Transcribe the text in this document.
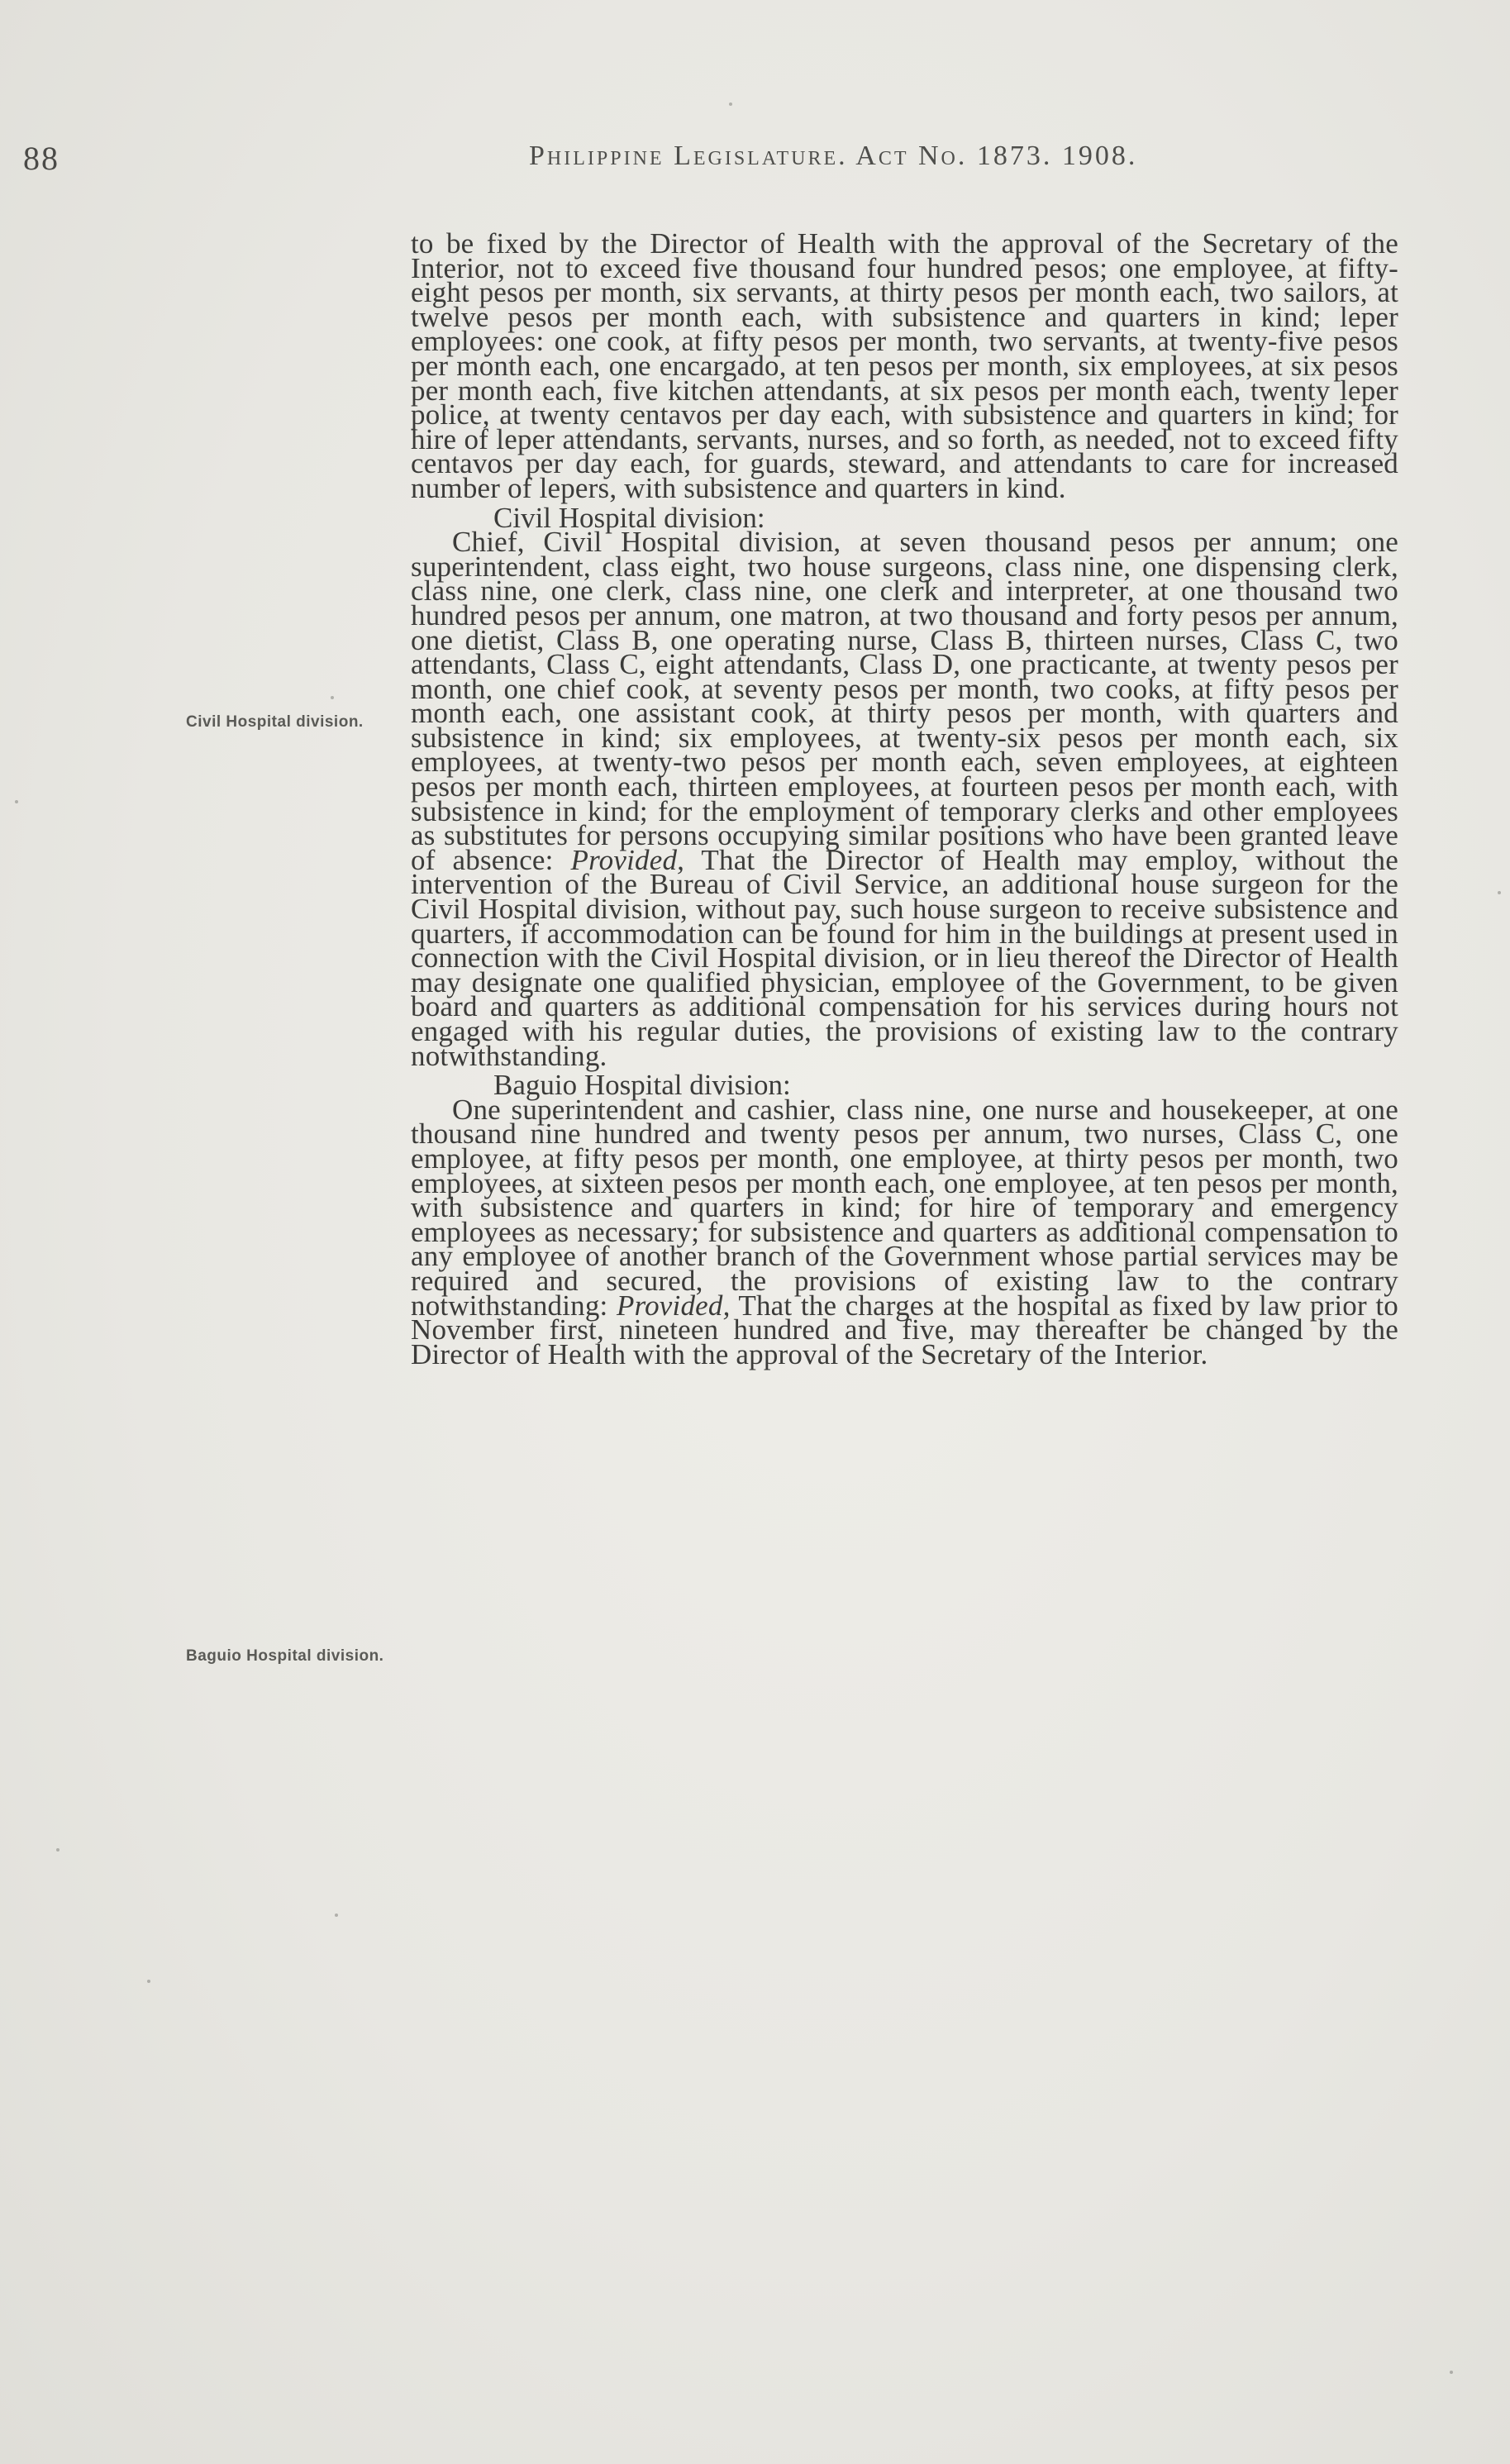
88	Philippine Legislature. Act No. 1873. 1908.
Civil Hospital division.
Baguio Hospital division.

to be fixed by the Director of Health with the approval of the Secretary of the Interior, not to exceed five thousand four hundred pesos; one employee, at fifty-eight pesos per month, six servants, at thirty pesos per month each, two sailors, at twelve pesos per month each, with subsistence and quarters in kind; leper employees: one cook, at fifty pesos per month, two servants, at twenty-five pesos per month each, one encargado, at ten pesos per month, six employees, at six pesos per month each, five kitchen attendants, at six pesos per month each, twenty leper police, at twenty centavos per day each, with subsistence and quarters in kind; for hire of leper attendants, servants, nurses, and so forth, as needed, not to exceed fifty centavos per day each, for guards, steward, and attendants to care for increased number of lepers, with subsistence and quarters in kind.

Civil Hospital division:

Chief, Civil Hospital division, at seven thousand pesos per annum; one superintendent, class eight, two house surgeons, class nine, one dispensing clerk, class nine, one clerk, class nine, one clerk and interpreter, at one thousand two hundred pesos per annum, one matron, at two thousand and forty pesos per annum, one dietist, Class B, one operating nurse, Class B, thirteen nurses, Class C, two attendants, Class C, eight attendants, Class D, one practicante, at twenty pesos per month, one chief cook, at seventy pesos per month, two cooks, at fifty pesos per month each, one assistant cook, at thirty pesos per month, with quarters and subsistence in kind; six employees, at twenty-six pesos per month each, six employees, at twenty-two pesos per month each, seven employees, at eighteen pesos per month each, thirteen employees, at fourteen pesos per month each, with subsistence in kind; for the employment of temporary clerks and other employees as substitutes for persons occupying similar positions who have been granted leave of absence: Provided, That the Director of Health may employ, without the intervention of the Bureau of Civil Service, an additional house surgeon for the Civil Hospital division, without pay, such house surgeon to receive subsistence and quarters, if accommodation can be found for him in the buildings at present used in connection with the Civil Hospital division, or in lieu thereof the Director of Health may designate one qualified physician, employee of the Government, to be given board and quarters as additional compensation for his services during hours not engaged with his regular duties, the provisions of existing law to the contrary notwithstanding.

Baguio Hospital division:

One superintendent and cashier, class nine, one nurse and housekeeper, at one thousand nine hundred and twenty pesos per annum, two nurses, Class C, one employee, at fifty pesos per month, one employee, at thirty pesos per month, two employees, at sixteen pesos per month each, one employee, at ten pesos per month, with subsistence and quarters in kind; for hire of temporary and emergency employees as necessary; for subsistence and quarters as additional compensation to any employee of another branch of the Government whose partial services may be required and secured, the provisions of existing law to the contrary notwithstanding: Provided, That the charges at the hospital as fixed by law prior to November first, nineteen hundred and five, may thereafter be changed by the Director of Health with the approval of the Secretary of the Interior.
